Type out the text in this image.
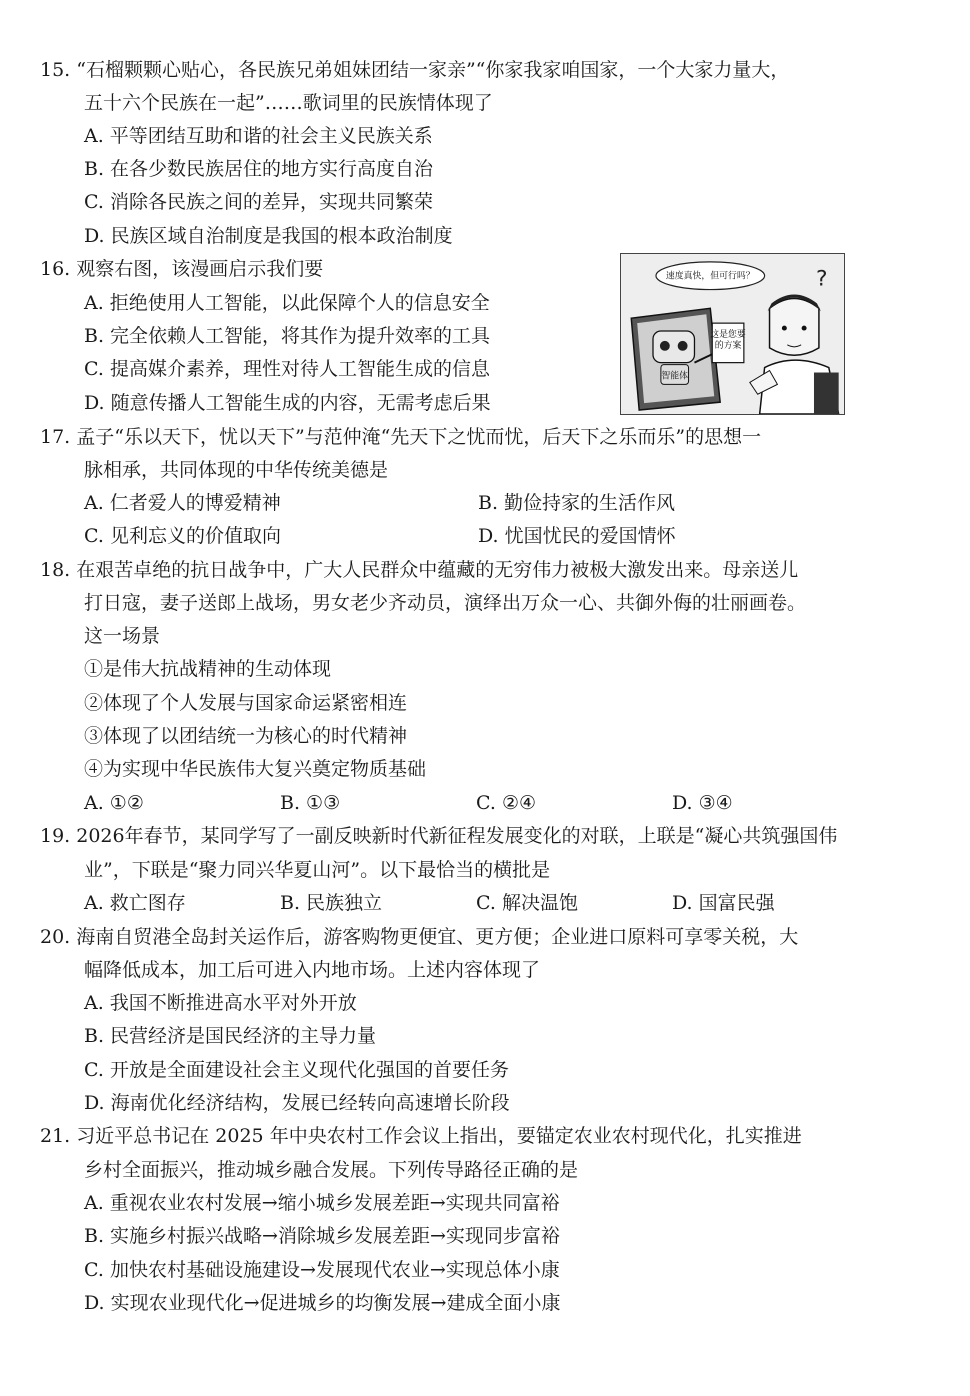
15. “石榴颗颗心贴心，各民族兄弟姐妹团结一家亲”“你家我家咱国家，一个大家力量大，
五十六个民族在一起”……歌词里的民族情体现了
A. 平等团结互助和谐的社会主义民族关系
B. 在各少数民族居住的地方实行高度自治
C. 消除各民族之间的差异，实现共同繁荣
D. 民族区域自治制度是我国的根本政治制度
16. 观察右图，该漫画启示我们要
A. 拒绝使用人工智能，以此保障个人的信息安全
B. 完全依赖人工智能，将其作为提升效率的工具
C. 提高媒介素养，理性对待人工智能生成的信息
D. 随意传播人工智能生成的内容，无需考虑后果
速度真快，但可行吗？	?
智能体
这是您要
的方案
17. 孟子“乐以天下，忧以天下”与范仲淹“先天下之忧而忧，后天下之乐而乐”的思想一
脉相承，共同体现的中华传统美德是
A. 仁者爱人的博爱精神	B. 勤俭持家的生活作风
C. 见利忘义的价值取向	D. 忧国忧民的爱国情怀
18. 在艰苦卓绝的抗日战争中，广大人民群众中蕴藏的无穷伟力被极大激发出来。母亲送儿
打日寇，妻子送郎上战场，男女老少齐动员，演绎出万众一心、共御外侮的壮丽画卷。
这一场景
①是伟大抗战精神的生动体现
②体现了个人发展与国家命运紧密相连
③体现了以团结统一为核心的时代精神
④为实现中华民族伟大复兴奠定物质基础
A. ①②	B. ①③	C. ②④	D. ③④
19. 2026年春节，某同学写了一副反映新时代新征程发展变化的对联，上联是“凝心共筑强国伟
业”，下联是“聚力同兴华夏山河”。以下最恰当的横批是
A. 救亡图存	B. 民族独立	C. 解决温饱	D. 国富民强
20. 海南自贸港全岛封关运作后，游客购物更便宜、更方便；企业进口原料可享零关税，大
幅降低成本，加工后可进入内地市场。上述内容体现了
A. 我国不断推进高水平对外开放
B. 民营经济是国民经济的主导力量
C. 开放是全面建设社会主义现代化强国的首要任务
D. 海南优化经济结构，发展已经转向高速增长阶段
21. 习近平总书记在 2025 年中央农村工作会议上指出，要锚定农业农村现代化，扎实推进
乡村全面振兴，推动城乡融合发展。下列传导路径正确的是
A. 重视农业农村发展→缩小城乡发展差距→实现共同富裕
B. 实施乡村振兴战略→消除城乡发展差距→实现同步富裕
C. 加快农村基础设施建设→发展现代农业→实现总体小康
D. 实现农业现代化→促进城乡的均衡发展→建成全面小康
